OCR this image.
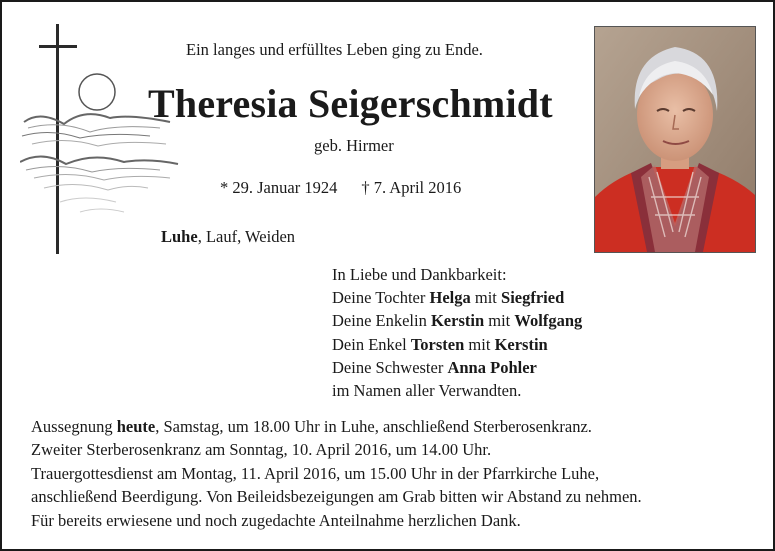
Ein langes und erfülltes Leben ging zu Ende.
Theresia Seigerschmidt
geb. Hirmer
* 29. Januar 1924 † 7. April 2016
Luhe, Lauf, Weiden
In Liebe und Dankbarkeit:
Deine Tochter Helga mit Siegfried
Deine Enkelin Kerstin mit Wolfgang
Dein Enkel Torsten mit Kerstin
Deine Schwester Anna Pohler
im Namen aller Verwandten.
Aussegnung heute, Samstag, um 18.00 Uhr in Luhe, anschließend Sterberosenkranz.
Zweiter Sterberosenkranz am Sonntag, 10. April 2016, um 14.00 Uhr.
Trauergottesdienst am Montag, 11. April 2016, um 15.00 Uhr in der Pfarrkirche Luhe,
anschließend Beerdigung. Von Beileidsbezeigungen am Grab bitten wir Abstand zu nehmen.
Für bereits erwiesene und noch zugedachte Anteilnahme herzlichen Dank.
